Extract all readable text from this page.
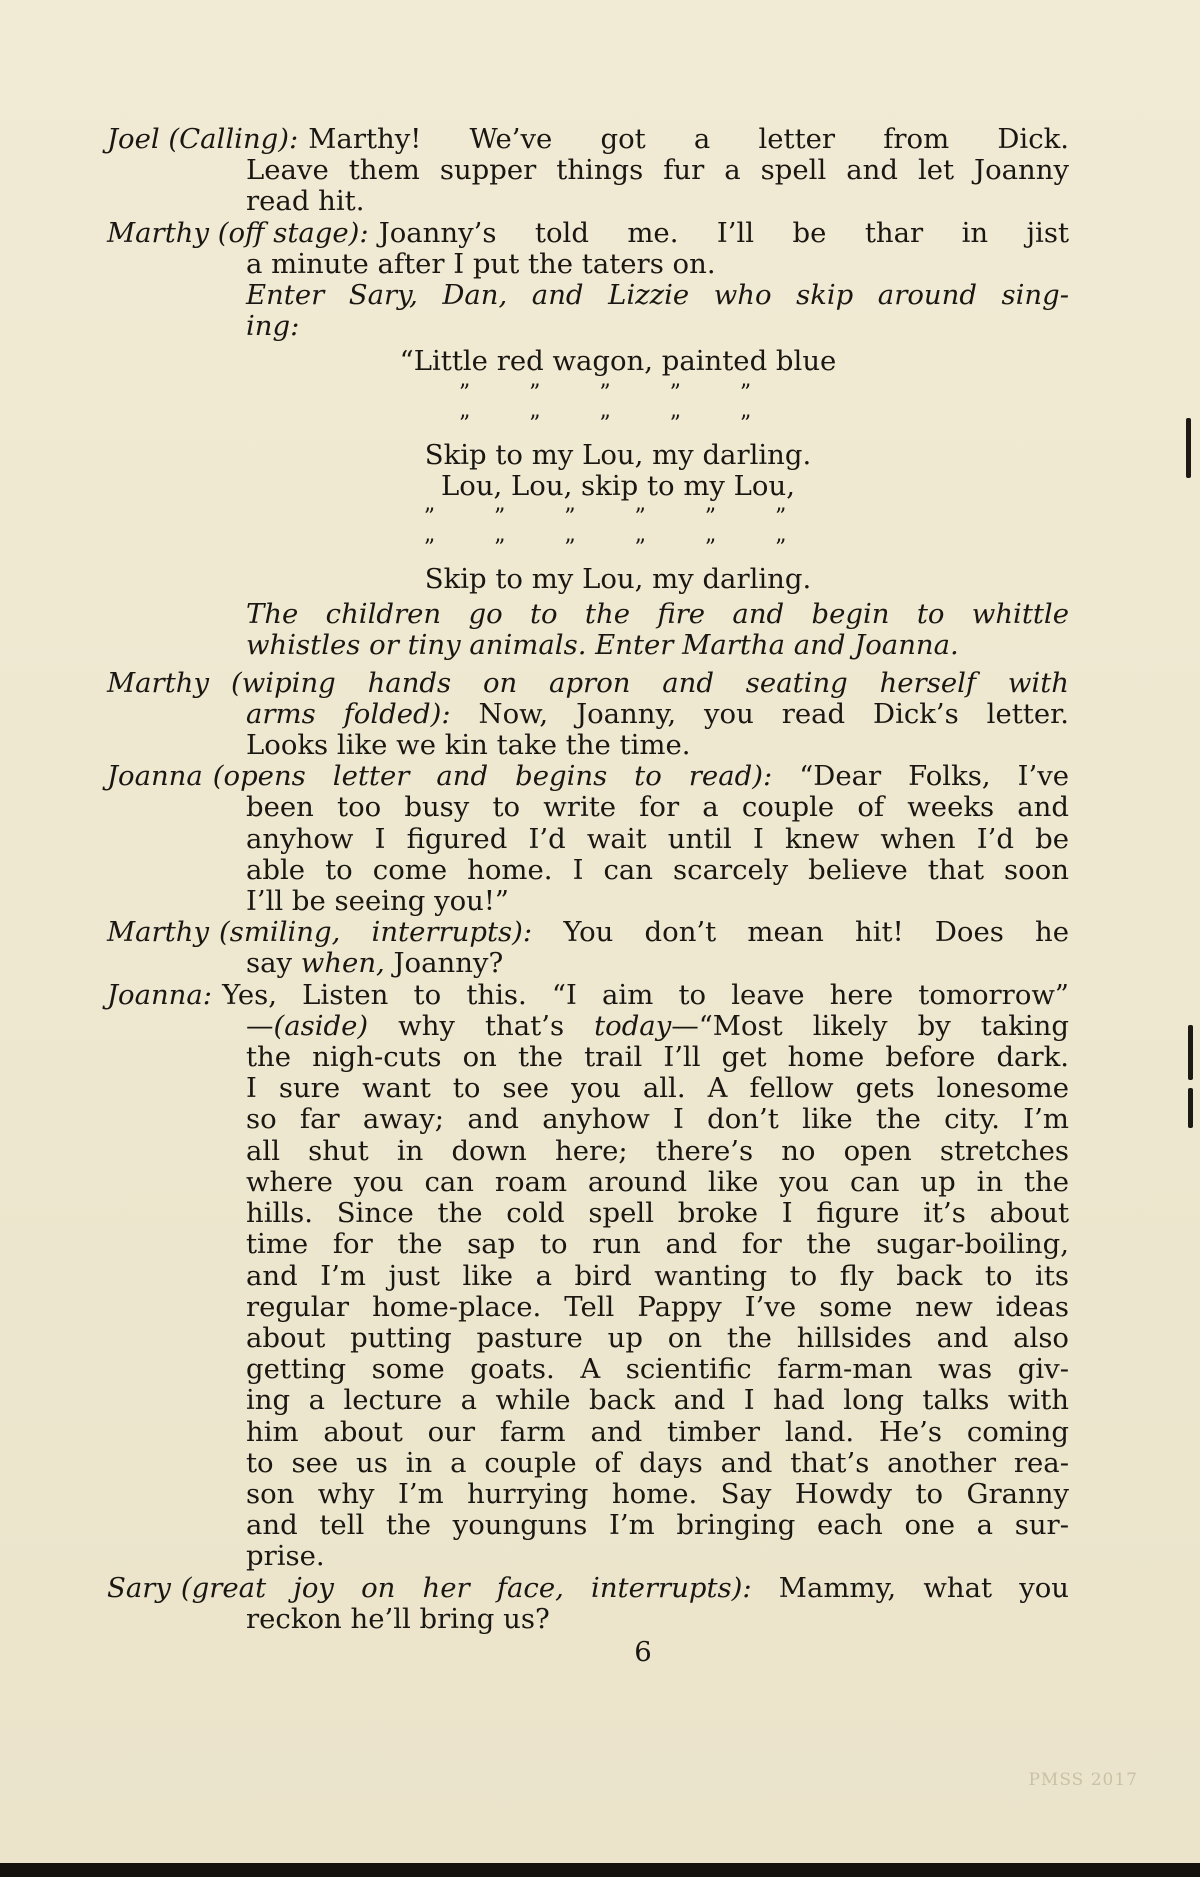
Joel (Calling): Marthy! We’ve got a letter from Dick.
Leave them supper things fur a spell and let Joanny
read hit.
Marthy (off stage): Joanny’s told me. I’ll be thar in jist
a minute after I put the taters on.
Enter Sary, Dan, and Lizzie who skip around sing-
ing:
“Little red wagon, painted blue
” ” ” ” ”
” ” ” ” ”
Skip to my Lou, my darling.
Lou, Lou, skip to my Lou,
” ” ” ” ” ”
” ” ” ” ” ”
Skip to my Lou, my darling.
The children go to the fire and begin to whittle
whistles or tiny animals. Enter Martha and Joanna.
Marthy (wiping hands on apron and seating herself with
arms folded): Now, Joanny, you read Dick’s letter.
Looks like we kin take the time.
Joanna (opens letter and begins to read): “Dear Folks, I’ve
been too busy to write for a couple of weeks and
anyhow I figured I’d wait until I knew when I’d be
able to come home. I can scarcely believe that soon
I’ll be seeing you!”
Marthy (smiling, interrupts): You don’t mean hit! Does he
say when, Joanny?
Joanna: Yes, Listen to this. “I aim to leave here tomorrow”
—(aside) why that’s today—“Most likely by taking
the nigh-cuts on the trail I’ll get home before dark.
I sure want to see you all. A fellow gets lonesome
so far away; and anyhow I don’t like the city. I’m
all shut in down here; there’s no open stretches
where you can roam around like you can up in the
hills. Since the cold spell broke I figure it’s about
time for the sap to run and for the sugar-boiling,
and I’m just like a bird wanting to fly back to its
regular home-place. Tell Pappy I’ve some new ideas
about putting pasture up on the hillsides and also
getting some goats. A scientific farm-man was giv-
ing a lecture a while back and I had long talks with
him about our farm and timber land. He’s coming
to see us in a couple of days and that’s another rea-
son why I’m hurrying home. Say Howdy to Granny
and tell the younguns I’m bringing each one a sur-
prise.
Sary (great joy on her face, interrupts): Mammy, what you
reckon he’ll bring us?
6
PMSS 2017
